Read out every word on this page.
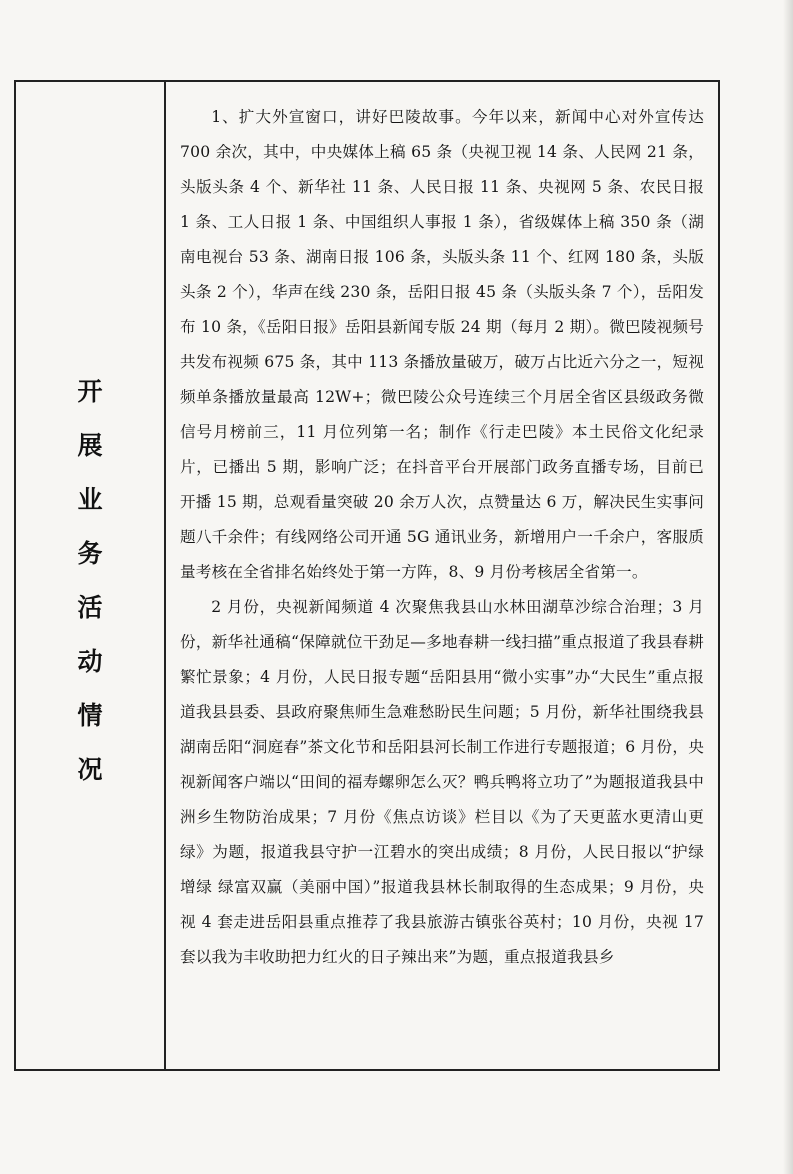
开
展
业
务
活
动
情
况

1、扩大外宣窗口，讲好巴陵故事。今年以来，新闻中心对外宣传达 700 余次，其中，中央媒体上稿 65 条（央视卫视 14 条、人民网 21 条，头版头条 4 个、新华社 11 条、人民日报 11 条、央视网 5 条、农民日报 1 条、工人日报 1 条、中国组织人事报 1 条），省级媒体上稿 350 条（湖南电视台 53 条、湖南日报 106 条，头版头条 11 个、红网 180 条，头版头条 2 个），华声在线 230 条，岳阳日报 45 条（头版头条 7 个），岳阳发布 10 条，《岳阳日报》岳阳县新闻专版 24 期（每月 2 期）。微巴陵视频号共发布视频 675 条，其中 113 条播放量破万，破万占比近六分之一，短视频单条播放量最高 12W+；微巴陵公众号连续三个月居全省区县级政务微信号月榜前三，11 月位列第一名；制作《行走巴陵》本土民俗文化纪录片，已播出 5 期，影响广泛；在抖音平台开展部门政务直播专场，目前已开播 15 期，总观看量突破 20 余万人次，点赞量达 6 万，解决民生实事问题八千余件；有线网络公司开通 5G 通讯业务，新增用户一千余户，客服质量考核在全省排名始终处于第一方阵，8、9 月份考核居全省第一。

2 月份，央视新闻频道 4 次聚焦我县山水林田湖草沙综合治理；3 月份，新华社通稿“保障就位干劲足—多地春耕一线扫描”重点报道了我县春耕繁忙景象；4 月份，人民日报专题“岳阳县用“微小实事”办“大民生”重点报道我县县委、县政府聚焦师生急难愁盼民生问题；5 月份，新华社围绕我县湖南岳阳“洞庭春”茶文化节和岳阳县河长制工作进行专题报道；6 月份，央视新闻客户端以“田间的福寿螺卵怎么灭？鸭兵鸭将立功了”为题报道我县中洲乡生物防治成果；7 月份《焦点访谈》栏目以《为了天更蓝水更清山更绿》为题，报道我县守护一江碧水的突出成绩；8 月份，人民日报以“护绿增绿 绿富双赢（美丽中国）”报道我县林长制取得的生态成果；9 月份，央视 4 套走进岳阳县重点推荐了我县旅游古镇张谷英村；10 月份，央视 17 套以我为丰收助把力红火的日子辣出来”为题，重点报道我县乡
